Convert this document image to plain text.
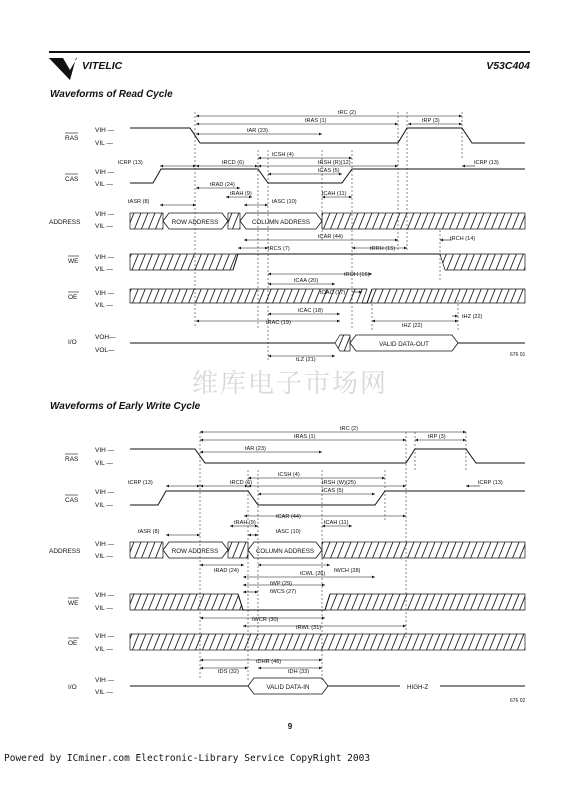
VITELIC	V53C404
Waveforms of Read Cycle
RAS
CAS
ADDRESS
WE
OE
I/O
VIH —
VIL —
VIH —
VIL —
VIH —
VIL —
VIH —
VIL —
VIH —
VIL —
VOH—
VOL—
ROW ADDRESS	COLUMN ADDRESS
VALID DATA-OUT
tRC (2)
tRAS (1)	tRP (3)
tAR (23)
tCSH (4)
tCRP (13)	tRCD (6)	tRSH (R)(12)
tCAS (5)
tCRP (13)
tRAD (24)
tRAH (9)	tCAH (11)
tASR (8)	tASC (10)
tCAR (44)
tRCS (7)	tRRH (15)
tRCH (14)
tROH (16)
tCAA (20)
tOAC (17)
tCAC (18)
tRAC (19)	tHZ (22)
tHZ (22)
tLZ (21)
676 01
维库电子市场网
Waveforms of Early Write Cycle
RAS
CAS
ADDRESS
WE
OE
I/O
VIH —
VIL —
VIH —
VIL —
VIH —
VIL —
VIH —
VIL —
VIH —
VIL —
VIH —
VIL —
ROW ADDRESS	COLUMN ADDRESS
VALID DATA-IN	HIGH-Z
tRC (2)
tRAS (1)	tRP (3)
tAR (23)
tCSH (4)
tCRP (13)	tRCD (6)	tRSH (W)(25)
tCAS (5)
tCRP (13)
tCAR (44)
tRAH (9)	tCAH (11)
tASR (8)	tASC (10)
tRAD (24)	tWCH (28)
tCWL (26)
tWP (29)
tWCS (27)
tWCR (30)
tRWL (31)
tDHR (46)
tDS (32)	tDH (33)
676 02
9
Powered by ICminer.com Electronic-Library Service CopyRight 2003
